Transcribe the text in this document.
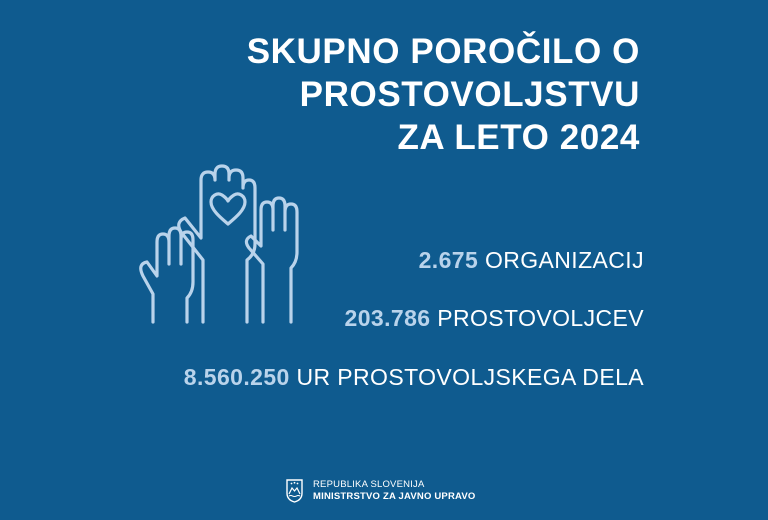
SKUPNO POROČILO O
PROSTOVOLJSTVU
ZA LETO 2024
2.675 ORGANIZACIJ
203.786 PROSTOVOLJCEV
8.560.250 UR PROSTOVOLJSKEGA DELA
REPUBLIKA SLOVENIJA
MINISTRSTVO ZA JAVNO UPRAVO
